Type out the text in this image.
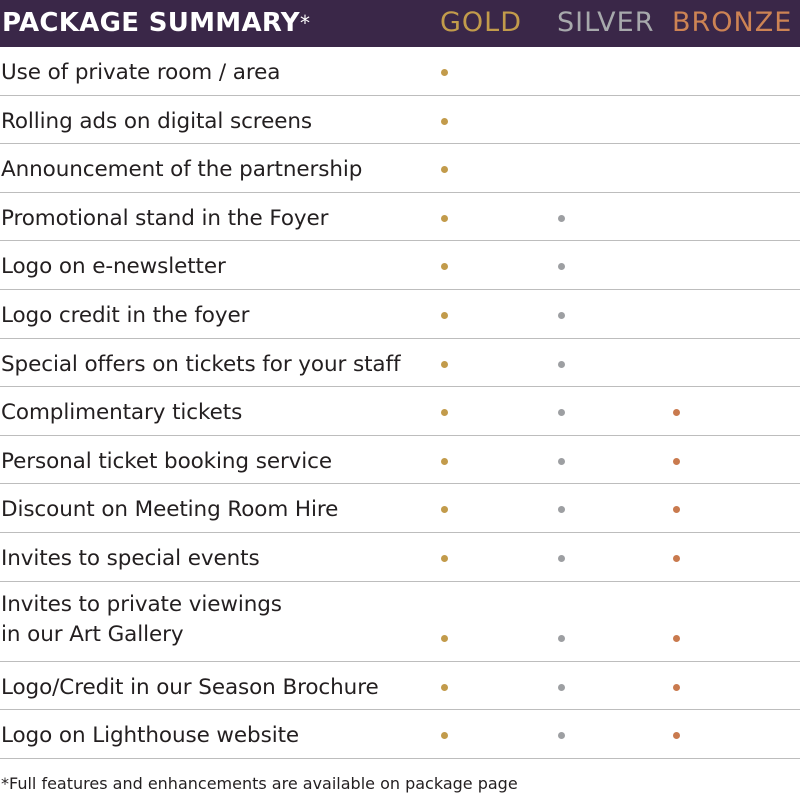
PACKAGE SUMMARY*	GOLD SILVER BRONZE
Use of private room / area
Rolling ads on digital screens
Announcement of the partnership
Promotional stand in the Foyer
Logo on e-newsletter
Logo credit in the foyer
Special offers on tickets for your staff
Complimentary tickets
Personal ticket booking service
Discount on Meeting Room Hire
Invites to special events
Invites to private viewings
in our Art Gallery
Logo/Credit in our Season Brochure
Logo on Lighthouse website
*Full features and enhancements are available on package page
